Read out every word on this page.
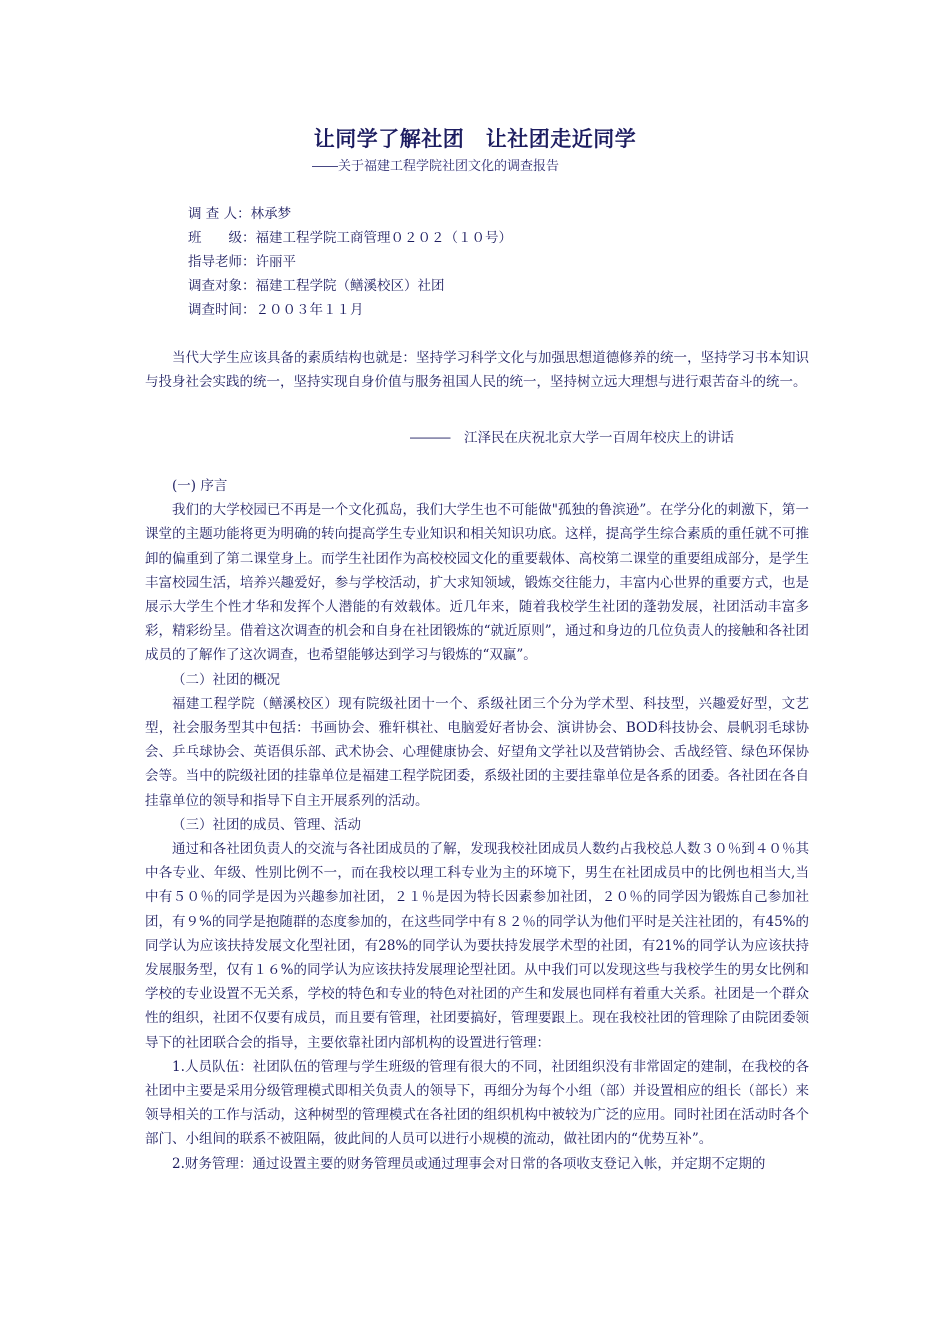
让同学了解社团　让社团走近同学
――关于福建工程学院社团文化的调查报告
调 查 人：林承梦
班　　级：福建工程学院工商管理０２０２（１０号）
指导老师：许丽平
调查对象：福建工程学院（鳝溪校区）社团
调查时间：２００３年１１月

当代大学生应该具备的素质结构也就是：坚持学习科学文化与加强思想道德修养的统一，坚持学习书本知识与投身社会实践的统一，坚持实现自身价值与服务祖国人民的统一，坚持树立远大理想与进行艰苦奋斗的统一。

―――　江泽民在庆祝北京大学一百周年校庆上的讲话

(一) 序言

我们的大学校园已不再是一个文化孤岛，我们大学生也不可能做"孤独的鲁滨逊”。在学分化的刺激下，第一课堂的主题功能将更为明确的转向提高学生专业知识和相关知识功底。这样，提高学生综合素质的重任就不可推卸的偏重到了第二课堂身上。而学生社团作为高校校园文化的重要载体、高校第二课堂的重要组成部分，是学生丰富校园生活，培养兴趣爱好，参与学校活动，扩大求知领域，锻炼交往能力，丰富内心世界的重要方式，也是展示大学生个性才华和发挥个人潜能的有效载体。近几年来，随着我校学生社团的蓬勃发展，社团活动丰富多彩，精彩纷呈。借着这次调查的机会和自身在社团锻炼的“就近原则”，通过和身边的几位负责人的接触和各社团成员的了解作了这次调查，也希望能够达到学习与锻炼的“双赢”。

（二）社团的概况

福建工程学院（鳝溪校区）现有院级社团十一个、系级社团三个分为学术型、科技型，兴趣爱好型，文艺型，社会服务型其中包括：书画协会、雅轩棋社、电脑爱好者协会、演讲协会、BOD科技协会、晨帆羽毛球协会、乒乓球协会、英语俱乐部、武术协会、心理健康协会、好望角文学社以及营销协会、舌战经管、绿色环保协会等。当中的院级社团的挂靠单位是福建工程学院团委，系级社团的主要挂靠单位是各系的团委。各社团在各自挂靠单位的领导和指导下自主开展系列的活动。

（三）社团的成员、管理、活动

通过和各社团负责人的交流与各社团成员的了解，发现我校社团成员人数约占我校总人数３０％到４０％其中各专业、年级、性别比例不一，而在我校以理工科专业为主的环境下，男生在社团成员中的比例也相当大,当中有５０％的同学是因为兴趣参加社团，２１％是因为特长因素参加社团，２０％的同学因为锻炼自己参加社团，有９%的同学是抱随群的态度参加的，在这些同学中有８２％的同学认为他们平时是关注社团的，有45%的同学认为应该扶持发展文化型社团，有28%的同学认为要扶持发展学术型的社团，有21%的同学认为应该扶持发展服务型，仅有１６%的同学认为应该扶持发展理论型社团。从中我们可以发现这些与我校学生的男女比例和学校的专业设置不无关系，学校的特色和专业的特色对社团的产生和发展也同样有着重大关系。社团是一个群众性的组织，社团不仅要有成员，而且要有管理，社团要搞好，管理要跟上。现在我校社团的管理除了由院团委领导下的社团联合会的指导，主要依靠社团内部机构的设置进行管理：

1.人员队伍：社团队伍的管理与学生班级的管理有很大的不同，社团组织没有非常固定的建制，在我校的各社团中主要是采用分级管理模式即相关负责人的领导下，再细分为每个小组（部）并设置相应的组长（部长）来领导相关的工作与活动，这种树型的管理模式在各社团的组织机构中被较为广泛的应用。同时社团在活动时各个部门、小组间的联系不被阻隔，彼此间的人员可以进行小规模的流动，做社团内的“优势互补”。

2.财务管理：通过设置主要的财务管理员或通过理事会对日常的各项收支登记入帐，并定期不定期的
